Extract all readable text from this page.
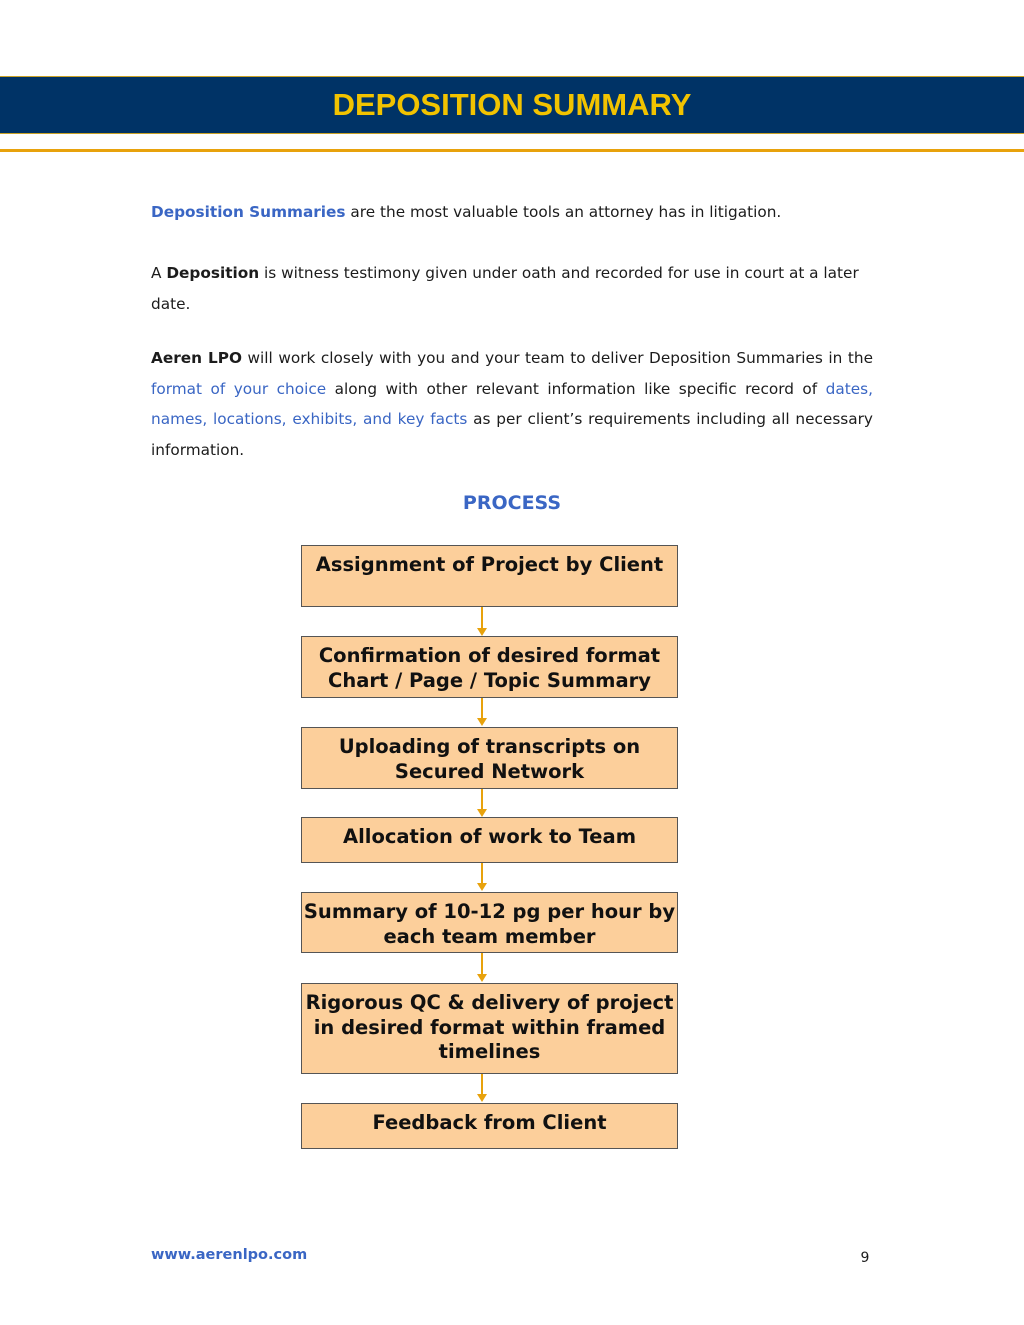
DEPOSITION SUMMARY

Deposition Summaries are the most valuable tools an attorney has in litigation.

A Deposition is witness testimony given under oath and recorded for use in court at a later date.

Aeren LPO will work closely with you and your team to deliver Deposition Summaries in the format of your choice along with other relevant information like specific record of dates, names, locations, exhibits, and key facts as per client’s requirements including all necessary information.

PROCESS
Assignment of Project by Client
Confirmation of desired format Chart / Page / Topic Summary
Uploading of transcripts on Secured Network
Allocation of work to Team
Summary of 10-12 pg per hour by each team member
Rigorous QC & delivery of project in desired format within framed timelines
Feedback from Client
www.aerenlpo.com	9
